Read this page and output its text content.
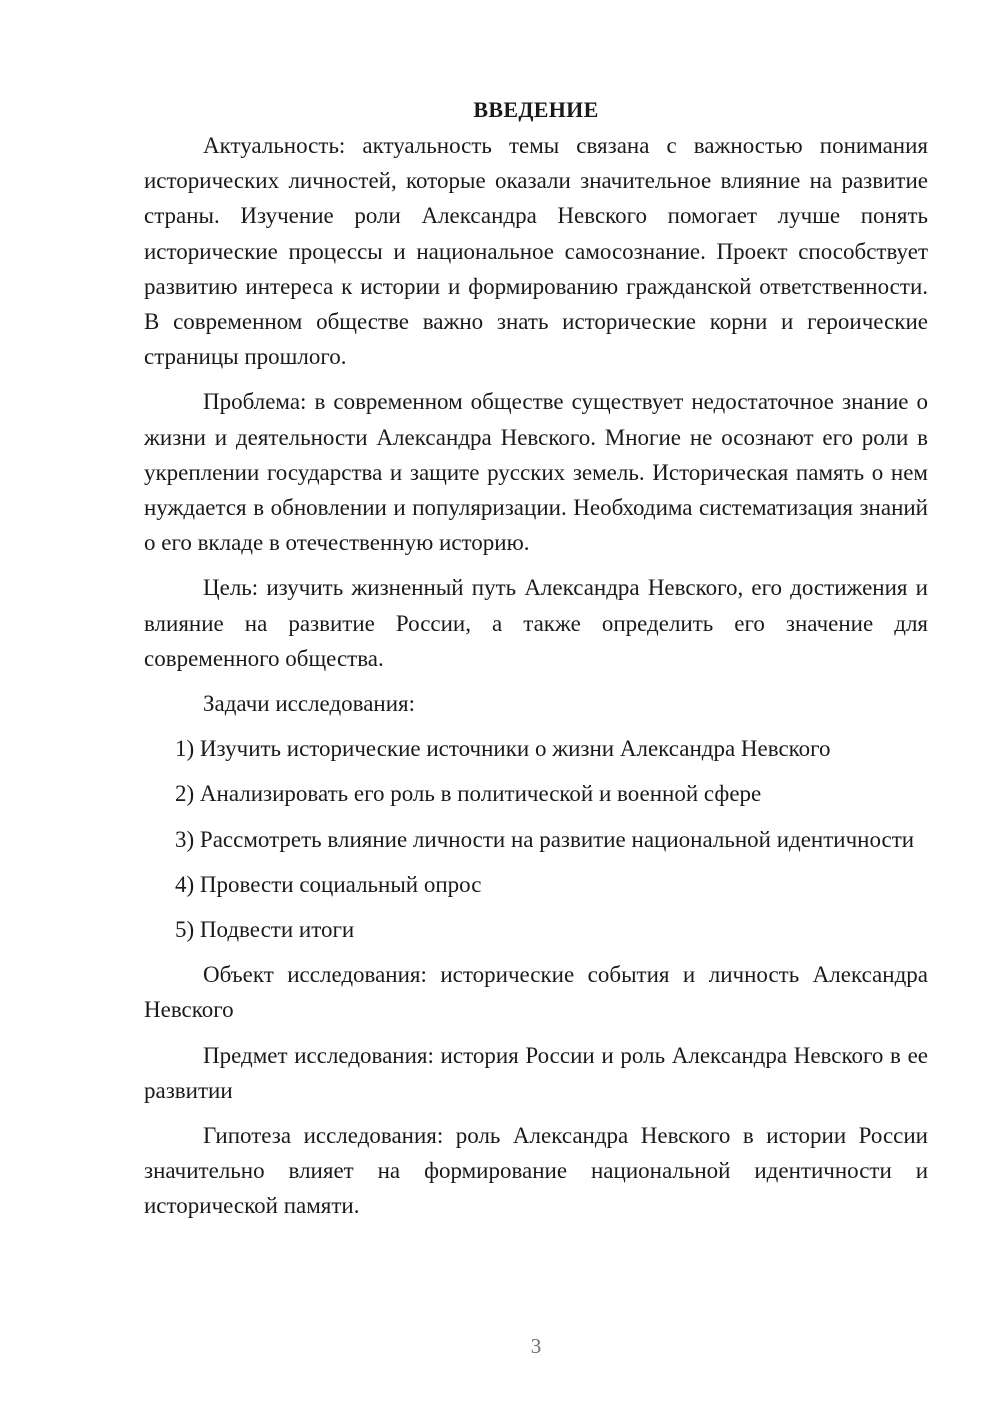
ВВЕДЕНИЕ

Актуальность: актуальность темы связана с важностью понимания исторических личностей, которые оказали значительное влияние на развитие страны. Изучение роли Александра Невского помогает лучше понять исторические процессы и национальное самосознание. Проект способствует развитию интереса к истории и формированию гражданской ответственности. В современном обществе важно знать исторические корни и героические страницы прошлого.

Проблема: в современном обществе существует недостаточное знание о жизни и деятельности Александра Невского. Многие не осознают его роли в укреплении государства и защите русских земель. Историческая память о нем нуждается в обновлении и популяризации. Необходима систематизация знаний о его вкладе в отечественную историю.

Цель: изучить жизненный путь Александра Невского, его достижения и влияние на развитие России, а также определить его значение для современного общества.

Задачи исследования:

1) Изучить исторические источники о жизни Александра Невского

2) Анализировать его роль в политической и военной сфере

3) Рассмотреть влияние личности на развитие национальной идентичности

4) Провести социальный опрос

5) Подвести итоги

Объект исследования: исторические события и личность Александра Невского

Предмет исследования: история России и роль Александра Невского в ее развитии

Гипотеза исследования: роль Александра Невского в истории России значительно влияет на формирование национальной идентичности и исторической памяти.

3
